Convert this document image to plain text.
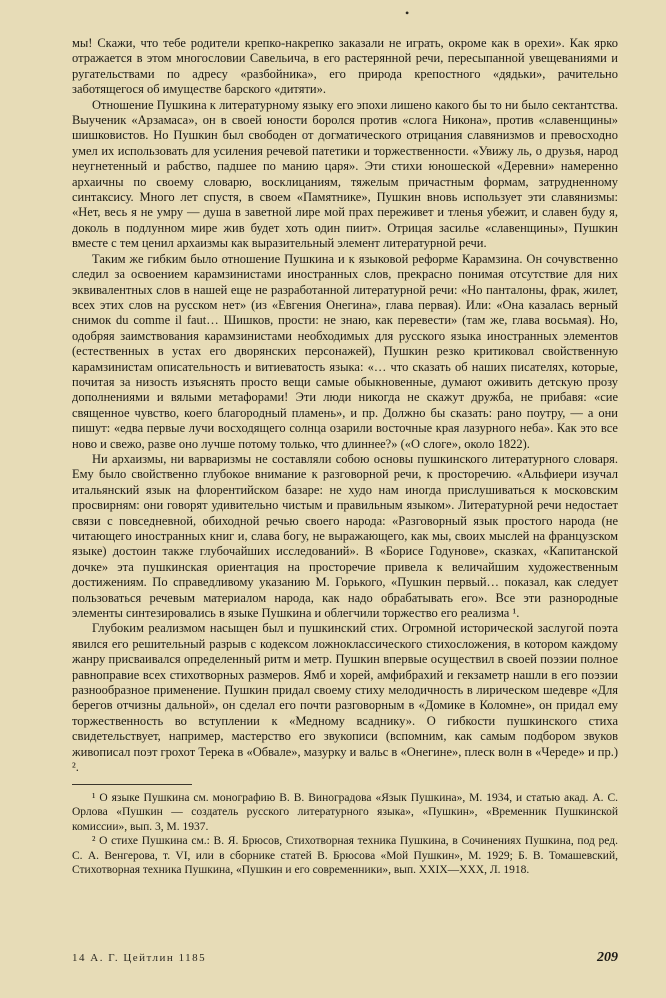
•

мы! Скажи, что тебе родители крепко-накрепко заказали не играть, окроме как в орехи». Как ярко отражается в этом многословии Савельича, в его растерянной речи, пересыпанной увещеваниями и ругательствами по адресу «разбойника», его природа крепостного «дядьки», рачительно заботящегося об имуществе барского «дитяти».

Отношение Пушкина к литературному языку его эпохи лишено какого бы то ни было сектантства. Выученик «Арзамаса», он в своей юности боролся против «слога Никона», против «славенщины» шишковистов. Но Пушкин был свободен от догматического отрицания славянизмов и превосходно умел их использовать для усиления речевой патетики и торжественности. «Увижу ль, о друзья, народ неугнетенный и рабство, падшее по манию царя». Эти стихи юношеской «Деревни» намеренно архаичны по своему словарю, восклицаниям, тяжелым причастным формам, затрудненному синтаксису. Много лет спустя, в своем «Памятнике», Пушкин вновь использует эти славянизмы: «Нет, весь я не умру — душа в заветной лире мой прах переживет и тленья убежит, и славен буду я, доколь в подлунном мире жив будет хоть один пиит». Отрицая засилье «славенщины», Пушкин вместе с тем ценил архаизмы как выразительный элемент литературной речи.

Таким же гибким было отношение Пушкина и к языковой реформе Карамзина. Он сочувственно следил за освоением карамзинистами иностранных слов, прекрасно понимая отсутствие для них эквивалентных слов в нашей еще не разработанной литературной речи: «Но панталоны, фрак, жилет, всех этих слов на русском нет» (из «Евгения Онегина», глава первая). Или: «Она казалась верный снимок du comme il faut… Шишков, прости: не знаю, как перевести» (там же, глава восьмая). Но, одобряя заимствования карамзинистами необходимых для русского языка иностранных элементов (естественных в устах его дворянских персонажей), Пушкин резко критиковал свойственную карамзинистам описательность и витиеватость языка: «… что сказать об наших писателях, которые, почитая за низость изъяснять просто вещи самые обыкновенные, думают оживить детскую прозу дополнениями и вялыми метафорами! Эти люди никогда не скажут дружба, не прибавя: «сие священное чувство, коего благородный пламень», и пр. Должно бы сказать: рано поутру, — а они пишут: «едва первые лучи восходящего солнца озарили восточные края лазурного неба». Как это все ново и свежо, разве оно лучше потому только, что длиннее?» («О слоге», около 1822).

Ни архаизмы, ни варваризмы не составляли собою основы пушкинского литературного словаря. Ему было свойственно глубокое внимание к разговорной речи, к просторечию. «Альфиери изучал итальянский язык на флорентийском базаре: не худо нам иногда прислушиваться к московским просвирням: они говорят удивительно чистым и правильным языком». Литературной речи недостает связи с повседневной, обиходной речью своего народа: «Разговорный язык простого народа (не читающего иностранных книг и, слава богу, не выражающего, как мы, своих мыслей на французском языке) достоин также глубочайших исследований». В «Борисе Годунове», сказках, «Капитанской дочке» эта пушкинская ориентация на просторечие привела к величайшим художественным достижениям. По справедливому указанию М. Горького, «Пушкин первый… показал, как следует пользоваться речевым материалом народа, как надо обрабатывать его». Все эти разнородные элементы синтезировались в языке Пушкина и облегчили торжество его реализма ¹.

Глубоким реализмом насыщен был и пушкинский стих. Огромной исторической заслугой поэта явился его решительный разрыв с кодексом ложноклассического стихосложения, в котором каждому жанру присваивался определенный ритм и метр. Пушкин впервые осуществил в своей поэзии полное равноправие всех стихотворных размеров. Ямб и хорей, амфибрахий и гекзаметр нашли в его поэзии разнообразное применение. Пушкин придал своему стиху мелодичность в лирическом шедевре «Для берегов отчизны дальной», он сделал его почти разговорным в «Домике в Коломне», он придал ему торжественность во вступлении к «Медному всаднику». О гибкости пушкинского стиха свидетельствует, например, мастерство его звукописи (вспомним, как самым подбором звуков живописал поэт грохот Терека в «Обвале», мазурку и вальс в «Онегине», плеск волн в «Череде» и пр.) ².

¹ О языке Пушкина см. монографию В. В. Виноградова «Язык Пушкина», М. 1934, и статью акад. А. С. Орлова «Пушкин — создатель русского литературного языка», «Пушкин», «Временник Пушкинской комиссии», вып. 3, М. 1937.

² О стихе Пушкина см.: В. Я. Брюсов, Стихотворная техника Пушкина, в Сочинениях Пушкина, под ред. С. А. Венгерова, т. VI, или в сборнике статей В. Брюсова «Мой Пушкин», М. 1929; Б. В. Томашевский, Стихотворная техника Пушкина, «Пушкин и его современники», вып. XXIX—XXX, Л. 1918.

14 А. Г. Цейтлин 1185	209
